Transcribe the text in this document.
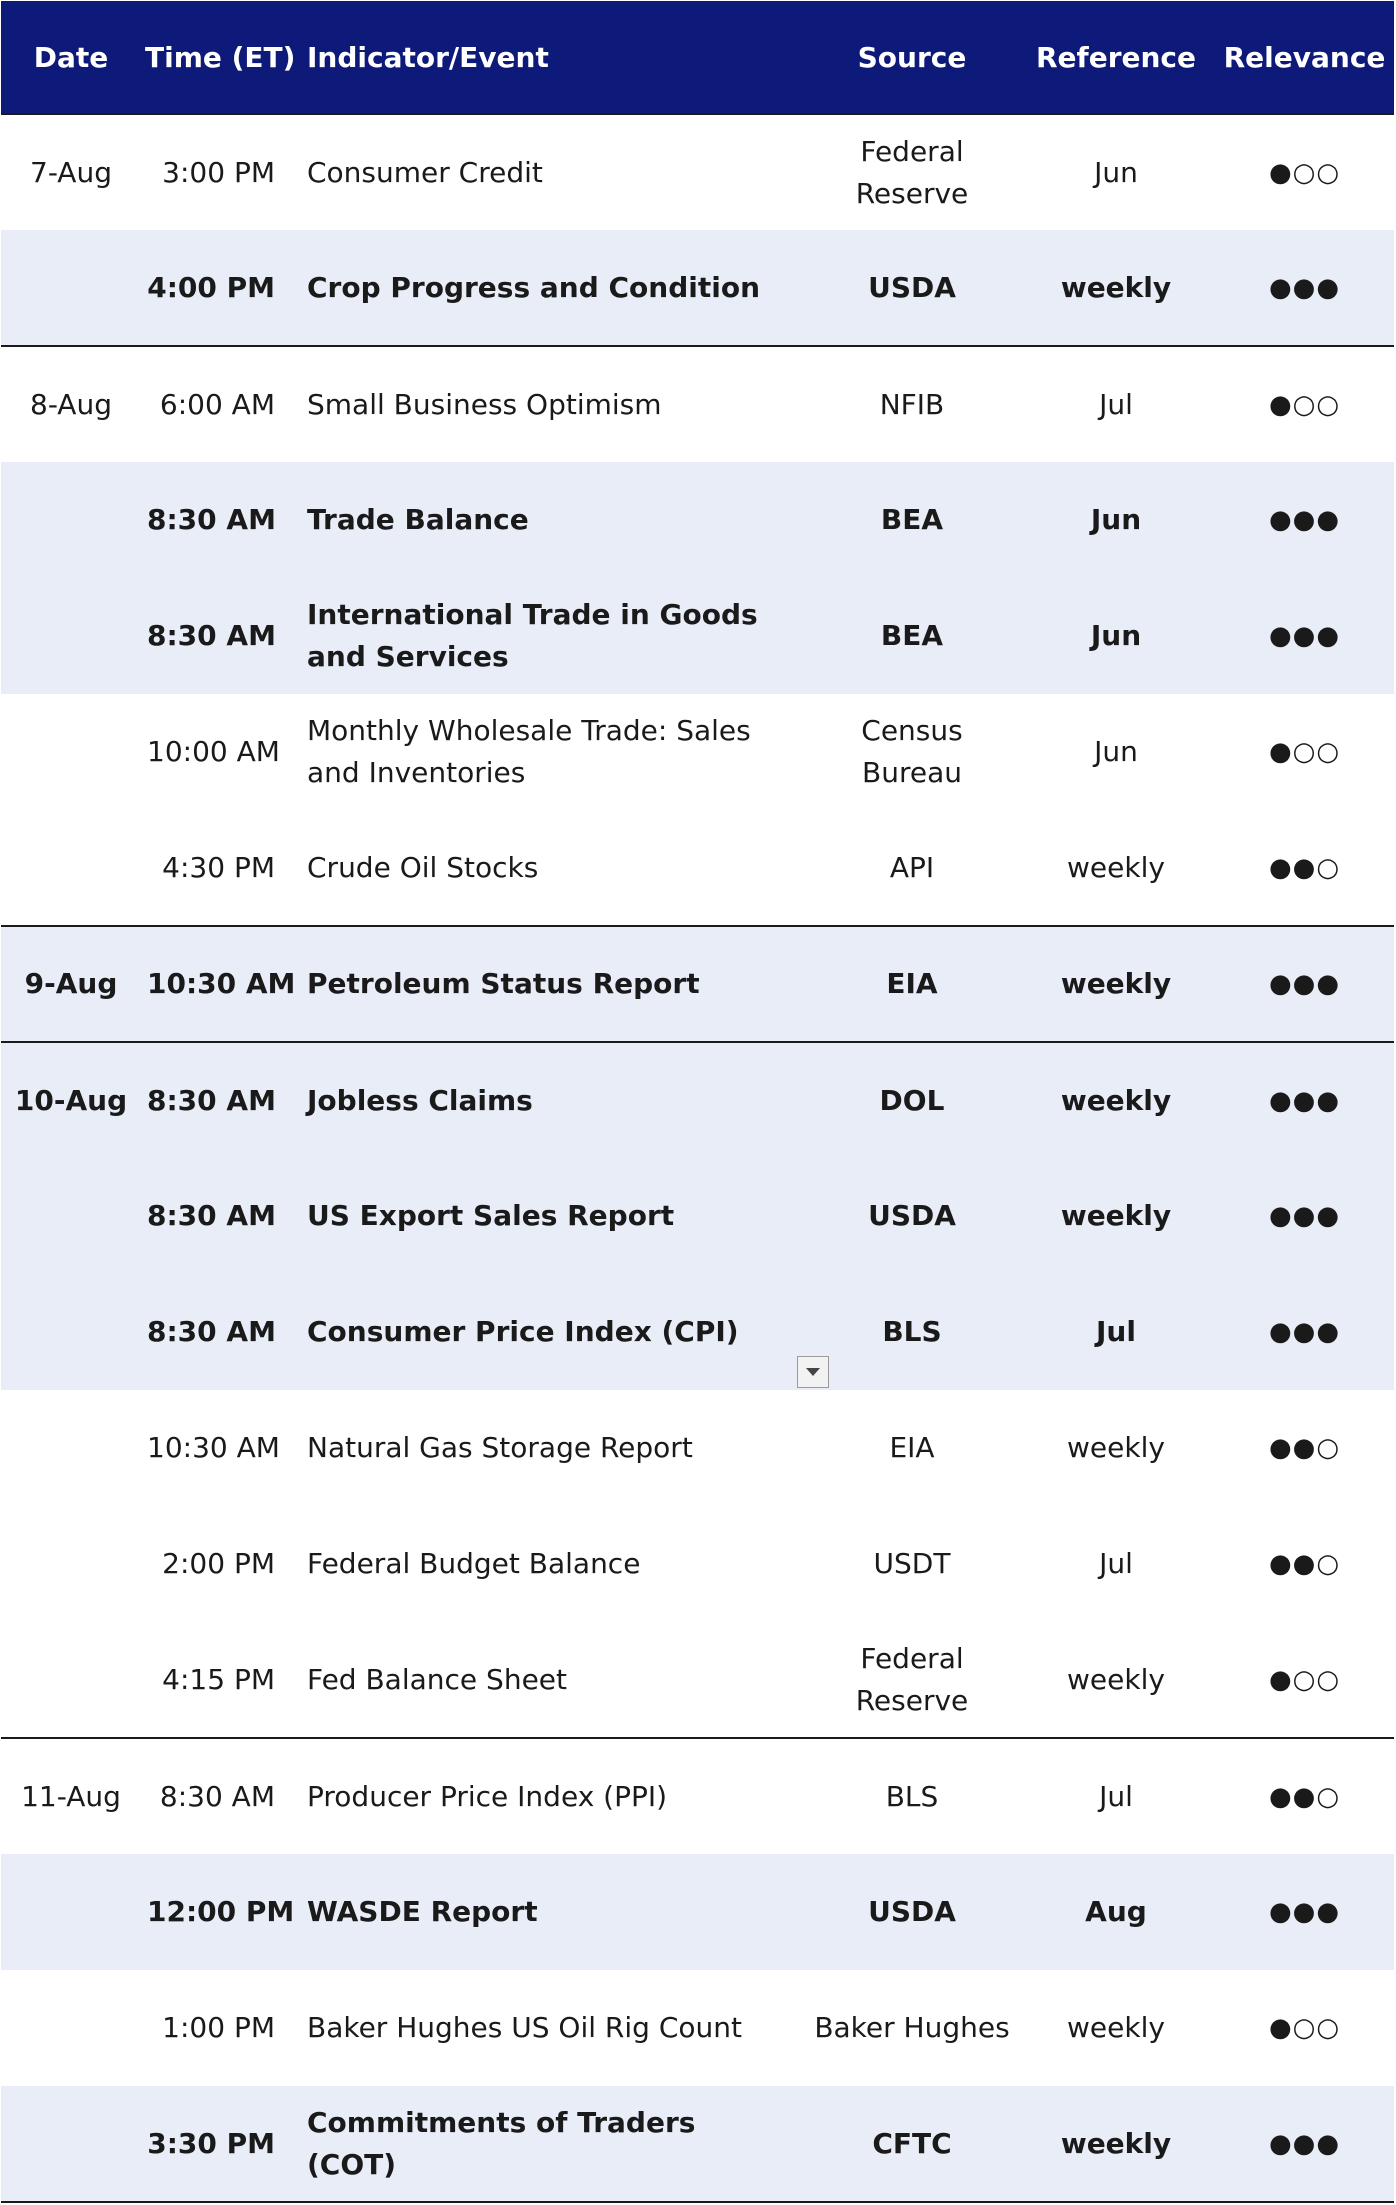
Date	Time (ET)	Indicator/Event	Source	Reference	Relevance
7-Aug	3:00 PM	Consumer Credit	Federal Reserve	Jun	●○○
	4:00 PM	Crop Progress and Condition	USDA	weekly	●●●
8-Aug	6:00 AM	Small Business Optimism	NFIB	Jul	●○○
	8:30 AM	Trade Balance	BEA	Jun	●●●
	8:30 AM	International Trade in Goods and Services	BEA	Jun	●●●
	10:00 AM	Monthly Wholesale Trade: Sales and Inventories	Census Bureau	Jun	●○○
	4:30 PM	Crude Oil Stocks	API	weekly	●●○
9-Aug	10:30 AM	Petroleum Status Report	EIA	weekly	●●●
10-Aug	8:30 AM	Jobless Claims	DOL	weekly	●●●
	8:30 AM	US Export Sales Report	USDA	weekly	●●●
	8:30 AM	Consumer Price Index (CPI)	BLS	Jul	●●●
	10:30 AM	Natural Gas Storage Report	EIA	weekly	●●○
	2:00 PM	Federal Budget Balance	USDT	Jul	●●○
	4:15 PM	Fed Balance Sheet	Federal Reserve	weekly	●○○
11-Aug	8:30 AM	Producer Price Index (PPI)	BLS	Jul	●●○
	12:00 PM	WASDE Report	USDA	Aug	●●●
	1:00 PM	Baker Hughes US Oil Rig Count	Baker Hughes	weekly	●○○
	3:30 PM	Commitments of Traders (COT)	CFTC	weekly	●●●
